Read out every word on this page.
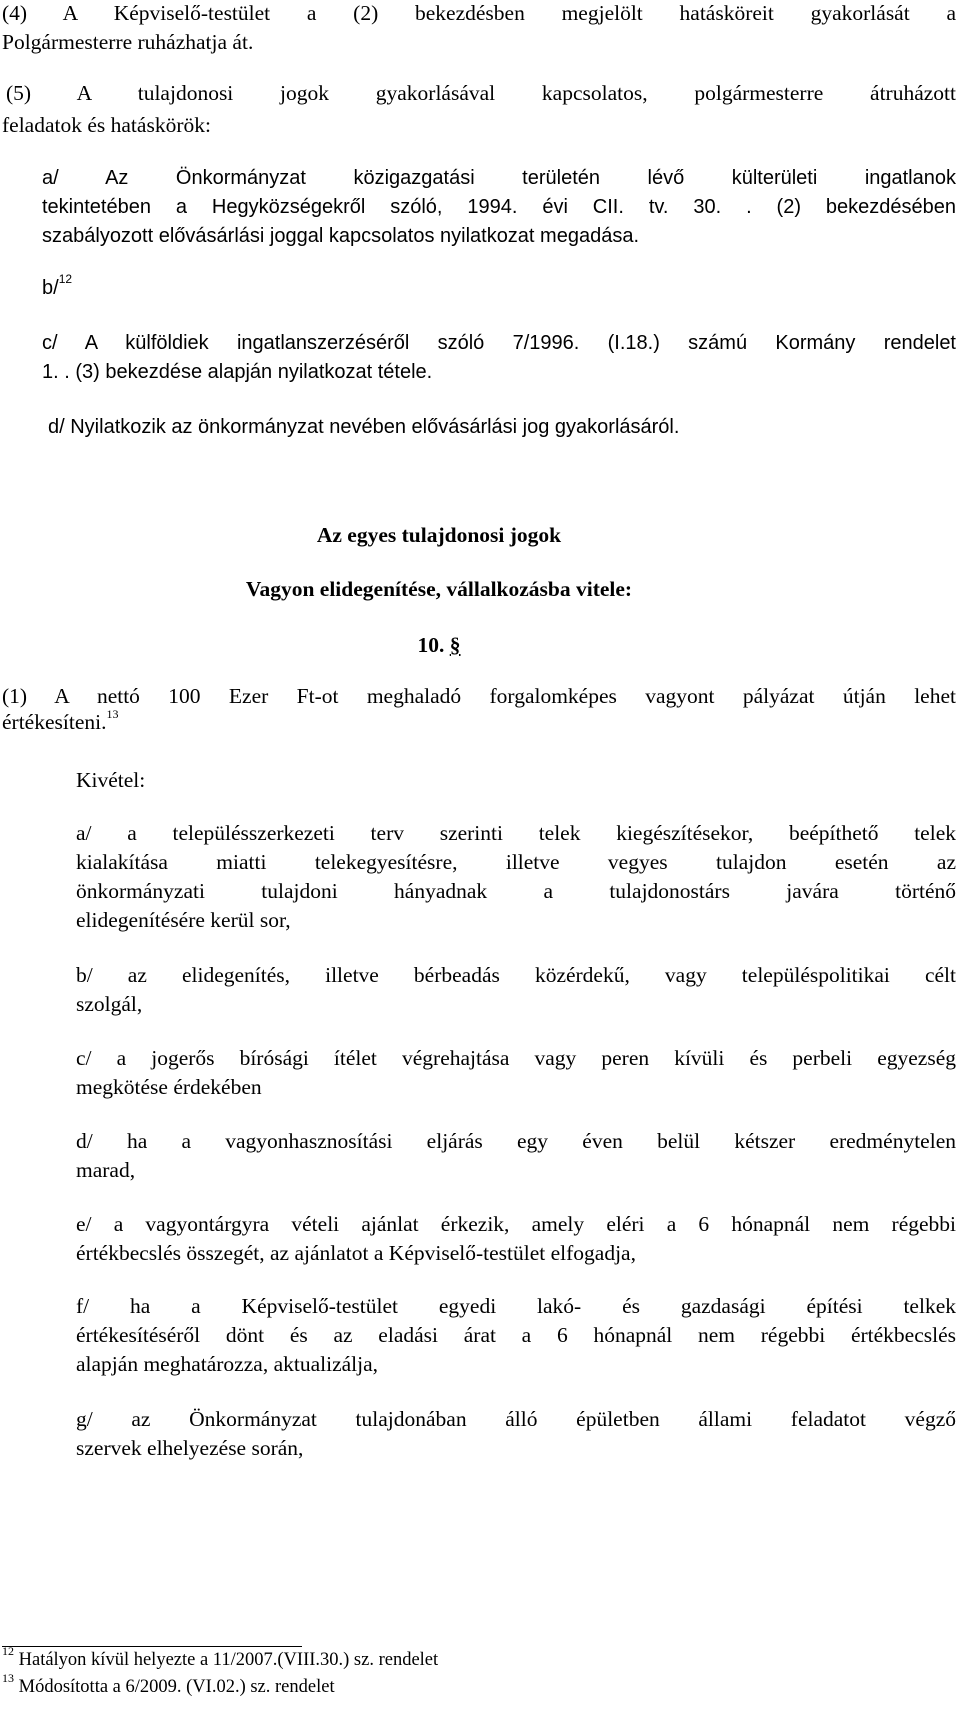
(4) A Képviselő-testület a (2) bekezdésben megjelölt hatásköreit gyakorlását a
Polgármesterre ruházhatja át.
(5) A tulajdonosi jogok gyakorlásával kapcsolatos, polgármesterre átruházott
feladatok és hatáskörök:
a/ Az Önkormányzat közigazgatási területén lévő külterületi ingatlanok
tekintetében a Hegyközségekről szóló, 1994. évi CII. tv. 30. . (2) bekezdésében
szabályozott elővásárlási joggal kapcsolatos nyilatkozat megadása.
b/$^{12}$
c/ A külföldiek ingatlanszerzéséről szóló 7/1996. (I.18.) számú Kormány rendelet
1. . (3) bekezdése alapján nyilatkozat tétele.
d/ Nyilatkozik az önkormányzat nevében elővásárlási jog gyakorlásáról.
Az egyes tulajdonosi jogok
Vagyon elidegenítése, vállalkozásba vitele:
10. §
(1) A nettó 100 Ezer Ft-ot meghaladó forgalomképes vagyont pályázat útján lehet
értékesíteni.$^{13}$
Kivétel:
a/ a településszerkezeti terv szerinti telek kiegészítésekor, beépíthető telek
kialakítása miatti telekegyesítésre, illetve vegyes tulajdon esetén az
önkormányzati tulajdoni hányadnak a tulajdonostárs javára történő
elidegenítésére kerül sor,
b/ az elidegenítés, illetve bérbeadás közérdekű, vagy településpolitikai célt
szolgál,
c/ a jogerős bírósági ítélet végrehajtása vagy peren kívüli és perbeli egyezség
megkötése érdekében
d/ ha a vagyonhasznosítási eljárás egy éven belül kétszer eredménytelen
marad,
e/ a vagyontárgyra vételi ajánlat érkezik, amely eléri a 6 hónapnál nem régebbi
értékbecslés összegét, az ajánlatot a Képviselő-testület elfogadja,
f/ ha a Képviselő-testület egyedi lakó- és gazdasági építési telkek
értékesítéséről dönt és az eladási árat a 6 hónapnál nem régebbi értékbecslés
alapján meghatározza, aktualizálja,
g/ az Önkormányzat tulajdonában álló épületben állami feladatot végző
szervek elhelyezése során,
$^{12}$ Hatályon kívül helyezte a 11/2007.(VIII.30.) sz. rendelet
$^{13}$ Módosította a 6/2009. (VI.02.) sz. rendelet
